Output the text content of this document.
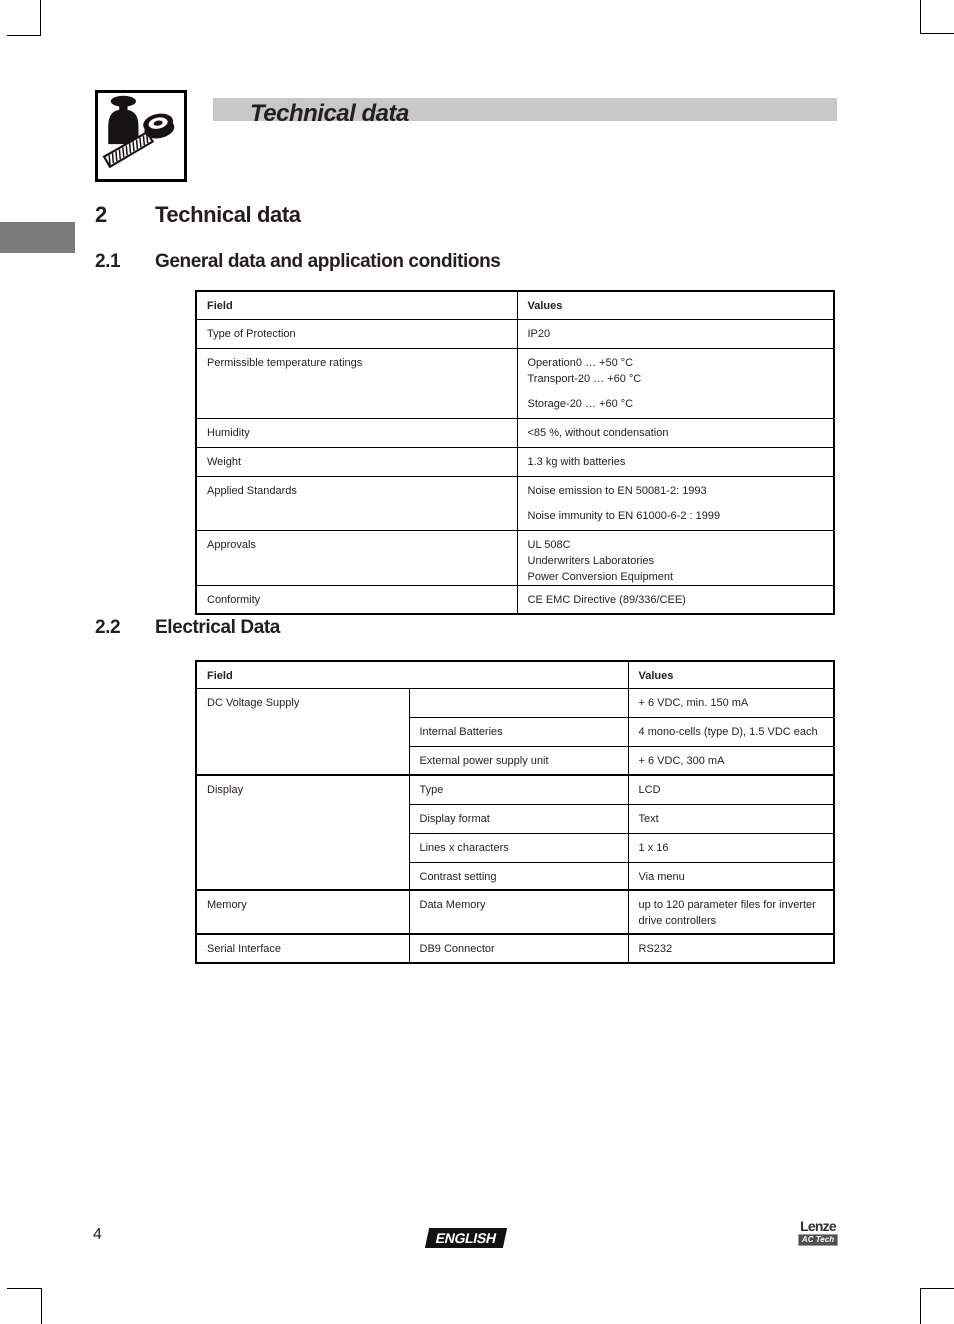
Technical data
2 Technical data
2.1 General data and application conditions
Field	Values
Type of Protection	IP20
Permissible temperature ratings	Operation0 … +50 °C
Transport-20 … +60 °C
Storage-20 … +60 °C

Humidity	<85 %, without condensation
Weight	1.3 kg with batteries
Applied Standards	Noise emission to EN 50081-2: 1993
Noise immunity to EN 61000-6-2 : 1999

Approvals	UL 508C
Underwriters Laboratories
Power Conversion Equipment

Conformity	CE EMC Directive (89/336/CEE)
2.2 Electrical Data
Field		Values
DC Voltage Supply		+ 6 VDC, min. 150 mA
	Internal Batteries	4 mono-cells (type D), 1.5 VDC each
	External power supply unit	+ 6 VDC, 300 mA
Display	Type	LCD
	Display format	Text
	Lines x characters	1 x 16
	Contrast setting	Via menu
Memory	Data Memory	up to 120 parameter files for inverter drive controllers
Serial Interface	DB9 Connector	RS232
4	ENGLISH
Lenze
AC Tech
